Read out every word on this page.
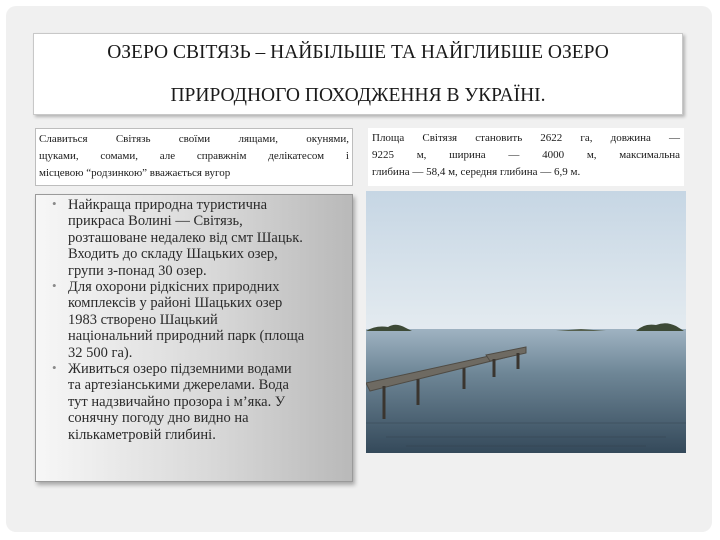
ОЗЕРО СВІТЯЗЬ – НАЙБІЛЬШЕ ТА НАЙГЛИБШЕ ОЗЕРО
ПРИРОДНОГО ПОХОДЖЕННЯ В УКРАЇНІ.
Славиться Світязь своїми лящами, окунями,
щуками, сомами, але справжнім делікатесом і
місцевою “родзинкою” вважається вугор
Площа Світязя становить 2622 га, довжина —
9225 м, ширина — 4000 м, максимальна
глибина — 58,4 м, середня глибина — 6,9 м.
• Найкраща природна туристична
прикраса Волині — Світязь,
розташоване недалеко від смт Шацьк.
Входить до складу Шацьких озер,
групи з-понад 30 озер.
• Для охорони рідкісних природних
комплексів у районі Шацьких озер
1983 створено Шацький
національний природний парк (площа
32 500 га).
• Живиться озеро підземними водами
та артезіанськими джерелами. Вода
тут надзвичайно прозора і м’яка. У
сонячну погоду дно видно на
кількаметровій глибині.
